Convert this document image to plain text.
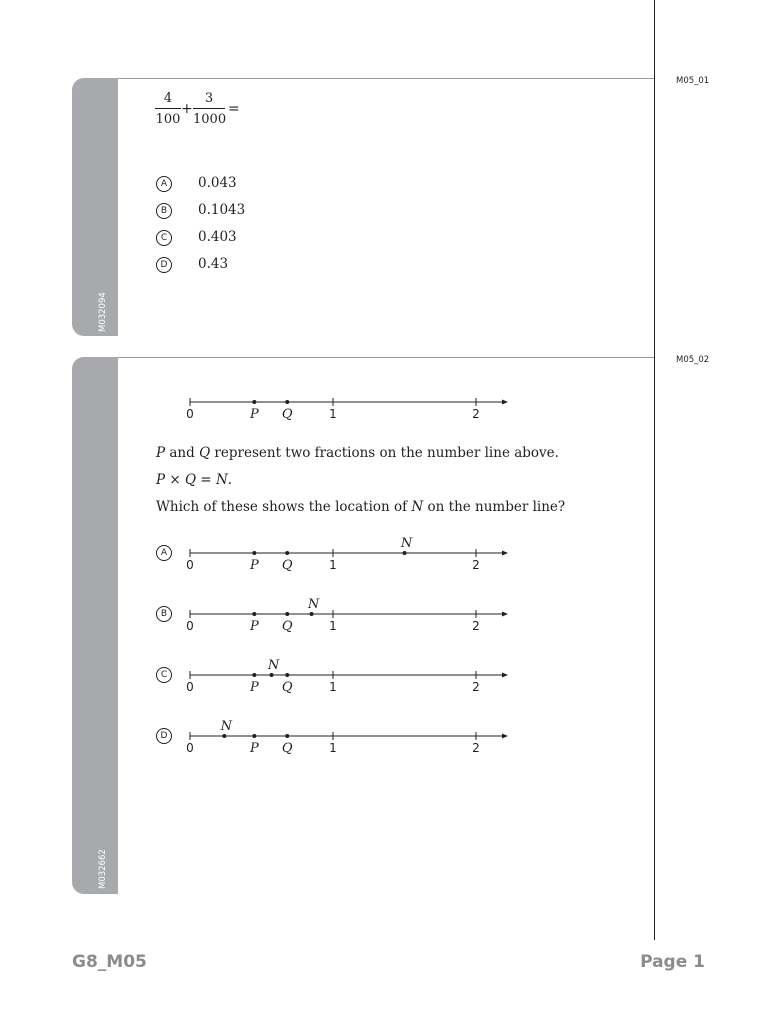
M032094
M05_01
4
100
+
3
1000
=
A	0.043
B	0.1043
C	0.403
D	0.43
M032662
M05_02
0	1	2
P Q
P and Q represent two fractions on the number line above.
P × Q = N.
Which of these shows the location of N on the number line?
A
0	1	2
P Q
N
B
0	1	2
P Q
N
C
0	1	2
P Q
N
D
0	1	2
P Q
N
G8_M05	Page 1
